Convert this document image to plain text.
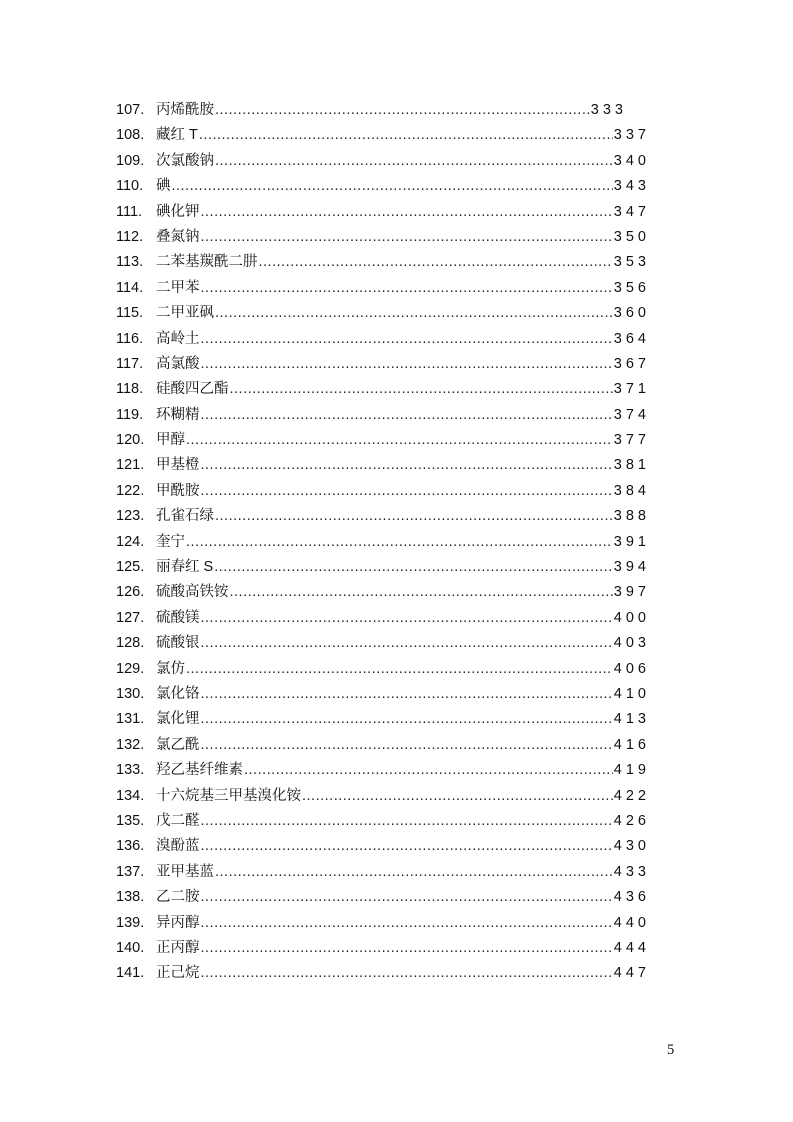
107. 丙烯酰胺 .....	333
108. 藏红 T .....	337
109. 次氯酸钠 .....	340
110. 碘 .....	343
111. 碘化钾 .....	347
112. 叠氮钠 .....	350
113. 二苯基羰酰二肼 .....	353
114. 二甲苯 .....	356
115. 二甲亚砜 .....	360
116. 高岭土 .....	364
117. 高氯酸 .....	367
118. 硅酸四乙酯 .....	371
119. 环糊精 .....	374
120. 甲醇 .....	377
121. 甲基橙 .....	381
122. 甲酰胺 .....	384
123. 孔雀石绿 .....	388
124. 奎宁 .....	391
125. 丽春红 S .....	394
126. 硫酸高铁铵 .....	397
127. 硫酸镁 .....	400
128. 硫酸银 .....	403
129. 氯仿 .....	406
130. 氯化铬 .....	410
131. 氯化锂 .....	413
132. 氯乙酰 .....	416
133. 羟乙基纤维素 .....	419
134. 十六烷基三甲基溴化铵 .....	422
135. 戊二醛 .....	426
136. 溴酚蓝 .....	430
137. 亚甲基蓝 .....	433
138. 乙二胺 .....	436
139. 异丙醇 .....	440
140. 正丙醇 .....	444
141. 正己烷 .....	447
5
